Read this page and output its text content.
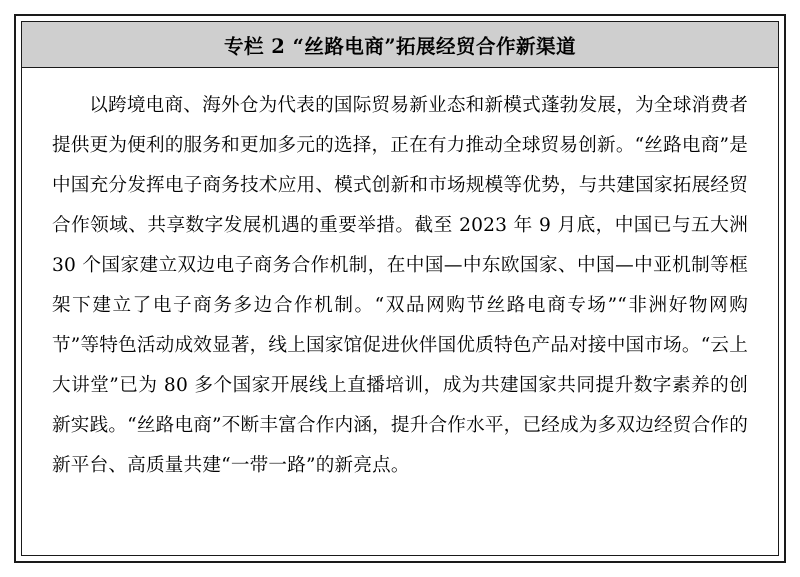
专栏 2 “丝路电商”拓展经贸合作新渠道

以跨境电商、海外仓为代表的国际贸易新业态和新模式蓬勃发展，为全球消费者提供更为便利的服务和更加多元的选择，正在有力推动全球贸易创新。“丝路电商”是中国充分发挥电子商务技术应用、模式创新和市场规模等优势，与共建国家拓展经贸合作领域、共享数字发展机遇的重要举措。截至 2023 年 9 月底，中国已与五大洲 30 个国家建立双边电子商务合作机制，在中国—中东欧国家、中国—中亚机制等框架下建立了电子商务多边合作机制。“双品网购节丝路电商专场”“非洲好物网购节”等特色活动成效显著，线上国家馆促进伙伴国优质特色产品对接中国市场。“云上大讲堂”已为 80 多个国家开展线上直播培训，成为共建国家共同提升数字素养的创新实践。“丝路电商”不断丰富合作内涵，提升合作水平，已经成为多双边经贸合作的新平台、高质量共建“一带一路”的新亮点。
